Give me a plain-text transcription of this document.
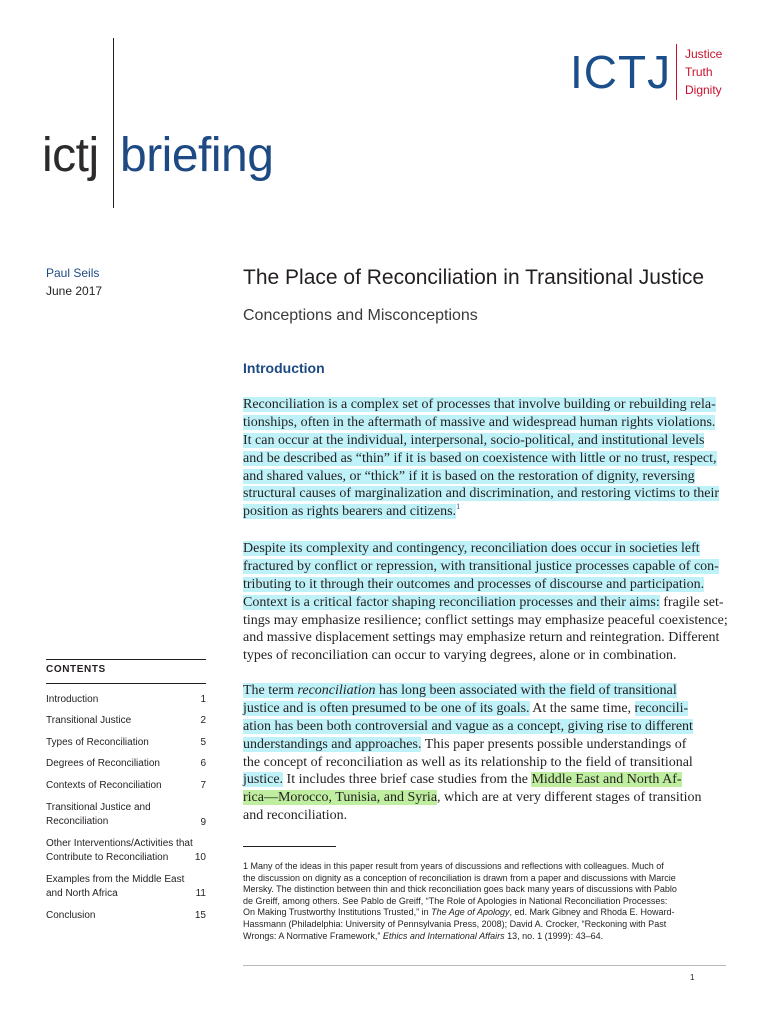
ictj briefing
ICTJ Justice
Truth
Dignity
Paul Seils
June 2017
The Place of Reconciliation in Transitional Justice
Conceptions and Misconceptions
Introduction
Reconciliation is a complex set of processes that involve building or rebuilding rela-
tionships, often in the aftermath of massive and widespread human rights violations.
It can occur at the individual, interpersonal, socio-political, and institutional levels
and be described as “thin” if it is based on coexistence with little or no trust, respect,
and shared values, or “thick” if it is based on the restoration of dignity, reversing
structural causes of marginalization and discrimination, and restoring victims to their
position as rights bearers and citizens.$^1$
Despite its complexity and contingency, reconciliation does occur in societies left
fractured by conflict or repression, with transitional justice processes capable of con-
tributing to it through their outcomes and processes of discourse and participation.
Context is a critical factor shaping reconciliation processes and their aims: fragile set-
tings may emphasize resilience; conflict settings may emphasize peaceful coexistence;
and massive displacement settings may emphasize return and reintegration. Different
types of reconciliation can occur to varying degrees, alone or in combination.
The term reconciliation has long been associated with the field of transitional
justice and is often presumed to be one of its goals. At the same time, reconcili-
ation has been both controversial and vague as a concept, giving rise to different
understandings and approaches. This paper presents possible understandings of
the concept of reconciliation as well as its relationship to the field of transitional
justice. It includes three brief case studies from the Middle East and North Af-
rica—Morocco, Tunisia, and Syria, which are at very different stages of transition
and reconciliation.
CONTENTS
Introduction	1
Transitional Justice	2
Types of Reconciliation	5
Degrees of Reconciliation	6
Contexts of Reconciliation	7
Transitional Justice and
Reconciliation	9
Other Interventions/Activities that
Contribute to Reconciliation	10
Examples from the Middle East
and North Africa	11
Conclusion	15
1 Many of the ideas in this paper result from years of discussions and reflections with colleagues. Much of
the discussion on dignity as a conception of reconciliation is drawn from a paper and discussions with Marcie
Mersky. The distinction between thin and thick reconciliation goes back many years of discussions with Pablo
de Greiff, among others. See Pablo de Greiff, “The Role of Apologies in National Reconciliation Processes:
On Making Trustworthy Institutions Trusted,” in The Age of Apology, ed. Mark Gibney and Rhoda E. Howard-
Hassmann (Philadelphia: University of Pennsylvania Press, 2008); David A. Crocker, “Reckoning with Past
Wrongs: A Normative Framework,” Ethics and International Affairs 13, no. 1 (1999): 43–64.
1
